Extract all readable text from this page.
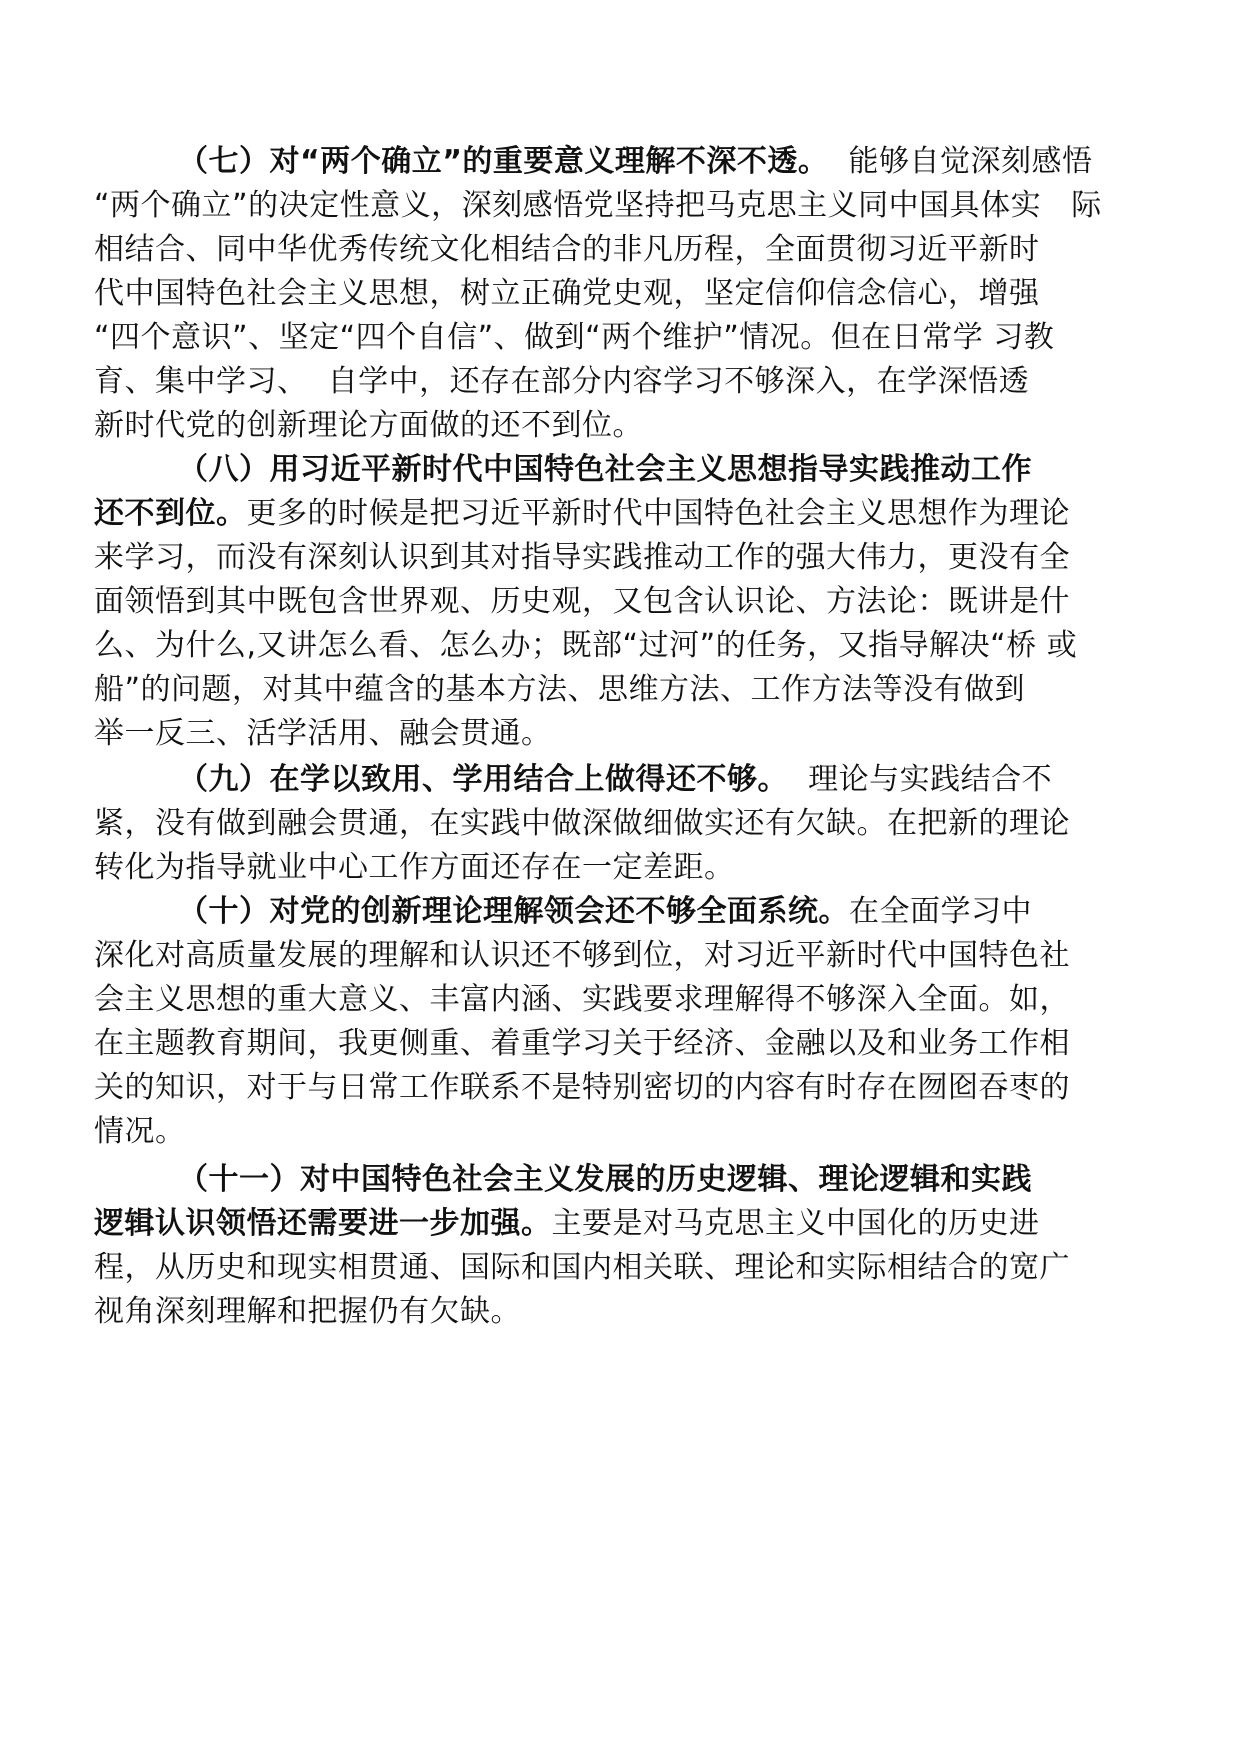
（七）对“两个确立”的重要意义理解不深不透。  能够自觉深刻感悟
“两个确立”的决定性意义，深刻感悟党坚持把马克思主义同中国具体实   际
相结合、同中华优秀传统文化相结合的非凡历程，全面贯彻习近平新时
代中国特色社会主义思想，树立正确党史观，坚定信仰信念信心，增强
“四个意识”、坚定“四个自信”、做到“两个维护”情况。但在日常学 习教
育、集中学习、  自学中，还存在部分内容学习不够深入，在学深悟透
新时代党的创新理论方面做的还不到位。
（八）用习近平新时代中国特色社会主义思想指导实践推动工作
还不到位。更多的时候是把习近平新时代中国特色社会主义思想作为理论
来学习，而没有深刻认识到其对指导实践推动工作的强大伟力，更没有全
面领悟到其中既包含世界观、历史观，又包含认识论、方法论：既讲是什
么、为什么,又讲怎么看、怎么办；既部“过河”的任务，又指导解决“桥 或
船”的问题，对其中蕴含的基本方法、思维方法、工作方法等没有做到
举一反三、活学活用、融会贯通。
（九）在学以致用、学用结合上做得还不够。  理论与实践结合不
紧，没有做到融会贯通，在实践中做深做细做实还有欠缺。在把新的理论
转化为指导就业中心工作方面还存在一定差距。
（十）对党的创新理论理解领会还不够全面系统。在全面学习中
深化对高质量发展的理解和认识还不够到位，对习近平新时代中国特色社
会主义思想的重大意义、丰富内涵、实践要求理解得不够深入全面。如，
在主题教育期间，我更侧重、着重学习关于经济、金融以及和业务工作相
关的知识，对于与日常工作联系不是特别密切的内容有时存在囫囵吞枣的
情况。
（十一）对中国特色社会主义发展的历史逻辑、理论逻辑和实践
逻辑认识领悟还需要进一步加强。主要是对马克思主义中国化的历史进
程，从历史和现实相贯通、国际和国内相关联、理论和实际相结合的宽广
视角深刻理解和把握仍有欠缺。
